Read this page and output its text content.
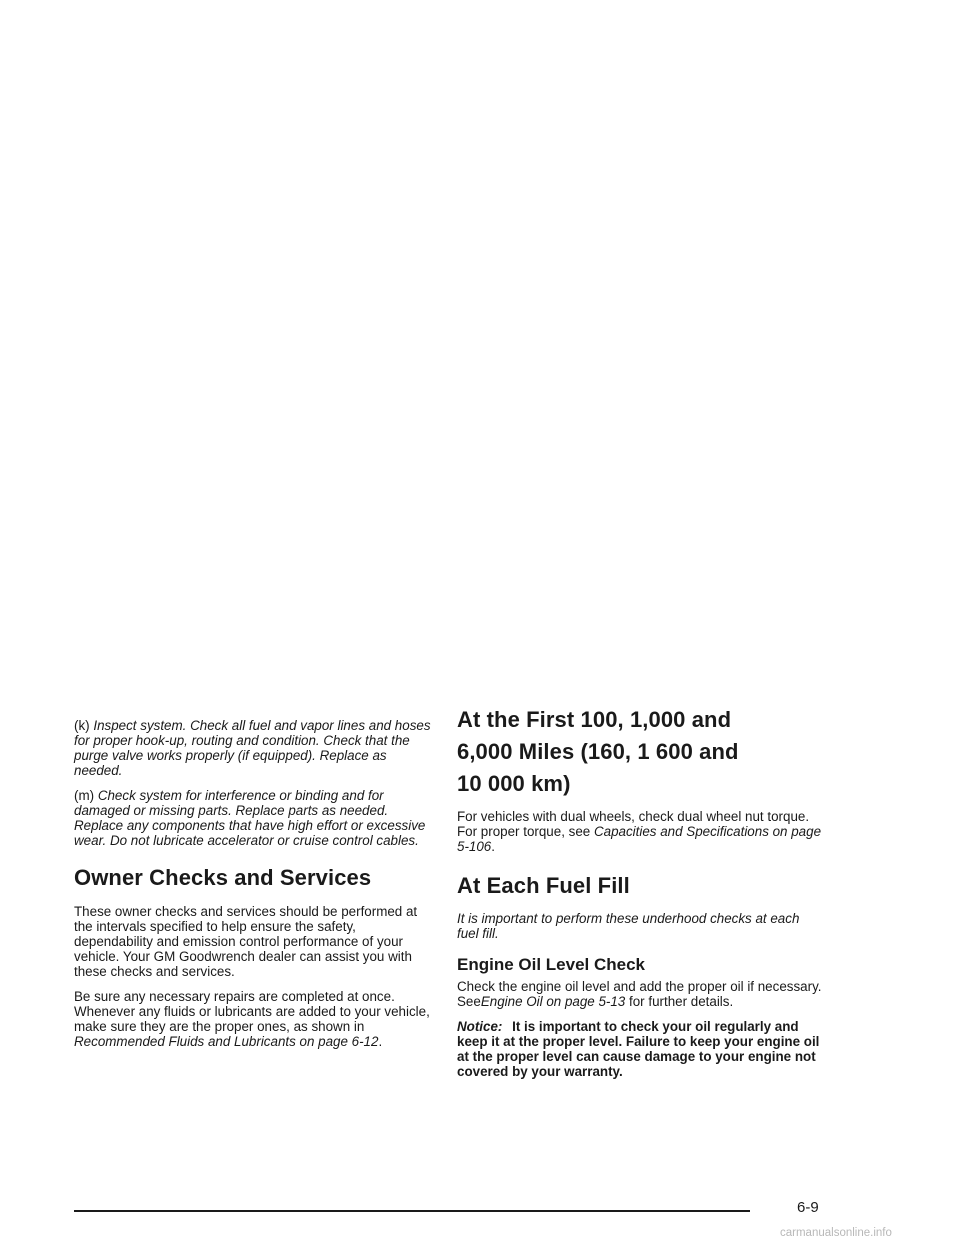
(k) Inspect system. Check all fuel and vapor lines and hoses for proper hook-up, routing and condition. Check that the purge valve works properly (if equipped). Replace as needed.

(m) Check system for interference or binding and for damaged or missing parts. Replace parts as needed. Replace any components that have high effort or excessive wear. Do not lubricate accelerator or cruise control cables.

Owner Checks and Services

These owner checks and services should be performed at the intervals specified to help ensure the safety, dependability and emission control performance of your vehicle. Your GM Goodwrench dealer can assist you with these checks and services.

Be sure any necessary repairs are completed at once. Whenever any fluids or lubricants are added to your vehicle, make sure they are the proper ones, as shown in Recommended Fluids and Lubricants on page 6-12.

At the First 100, 1,000 and
6,000 Miles (160, 1 600 and
10 000 km)

For vehicles with dual wheels, check dual wheel nut torque. For proper torque, see Capacities and Specifications on page 5-106.

At Each Fuel Fill

It is important to perform these underhood checks at each fuel fill.

Engine Oil Level Check

Check the engine oil level and add the proper oil if necessary. SeeEngine Oil on page 5-13 for further details.

Notice: It is important to check your oil regularly and keep it at the proper level. Failure to keep your engine oil at the proper level can cause damage to your engine not covered by your warranty.

6-9
carmanualsonline.info
